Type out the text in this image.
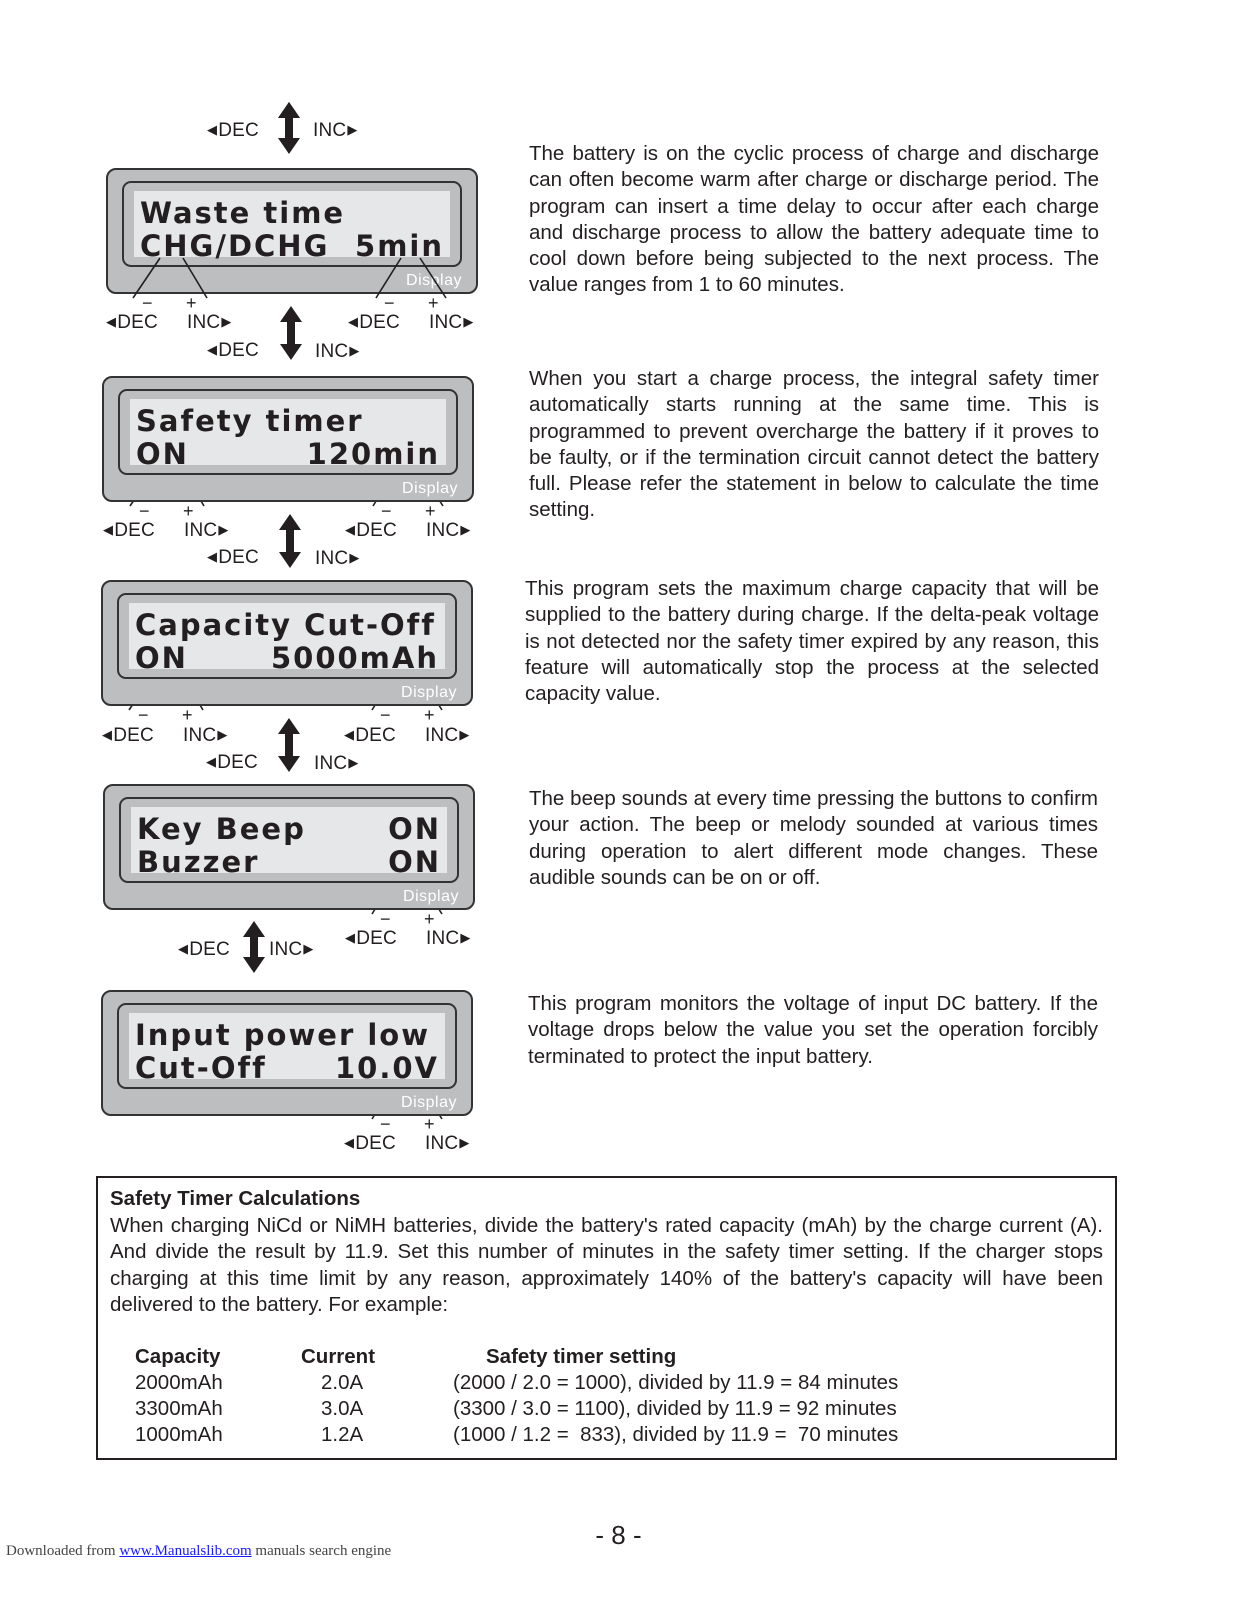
◀ DEC	INC ▶
Waste time
CHG/DCHG 5min
Display
− +	− +
◀ DEC INC ▶	◀ DEC INC ▶
◀ DEC	INC ▶
Safety timer
ON	120min
Display
− +	− +
◀ DEC INC ▶	◀ DEC INC ▶
◀ DEC	INC ▶
Capacity Cut-Off
ON	5000mAh
Display
− +	− +
◀ DEC INC ▶	◀ DEC INC ▶
◀ DEC	INC ▶
Key Beep	ON
Buzzer	ON
Display
− +
◀ DEC INC ▶
◀ DEC INC ▶
Input power low
Cut-Off 10.0V
Display
− +
◀ DEC INC ▶
The battery is on the cyclic process of charge and discharge can often become warm after charge or discharge period. The program can insert a time delay to occur after each charge and discharge process to allow the battery adequate time to cool down before being subjected to the next process. The value ranges from 1 to 60 minutes.
When you start a charge process, the integral safety timer automatically starts running at the same time. This is programmed to prevent overcharge the battery if it proves to be faulty, or if the termination circuit cannot detect the battery full. Please refer the statement in below to calculate the time setting.
This program sets the maximum charge capacity that will be supplied to the battery during charge. If the delta-peak voltage is not detected nor the safety timer expired by any reason, this feature will automatically stop the process at the selected capacity value.
The beep sounds at every time pressing the buttons to confirm your action. The beep or melody sounded at various times during operation to alert different mode changes. These audible sounds can be on or off.
This program monitors the voltage of input DC battery. If the voltage drops below the value you set the operation forcibly terminated to protect the input battery.
Safety Timer Calculations
When charging NiCd or NiMH batteries, divide the battery's rated capacity (mAh) by the charge current (A). And divide the result by 11.9. Set this number of minutes in the safety timer setting. If the charger stops charging at this time limit by any reason, approximately 140% of the battery's capacity will have been delivered to the battery. For example:
Capacity	Current	Safety timer setting
2000mAh	2.0A	(2000 / 2.0 = 1000), divided by 11.9 = 84 minutes
3300mAh	3.0A	(3300 / 3.0 = 1100), divided by 11.9 = 92 minutes
1000mAh	1.2A	(1000 / 1.2 =  833), divided by 11.9 =  70 minutes
- 8 -
Downloaded from www.Manualslib.com manuals search engine
